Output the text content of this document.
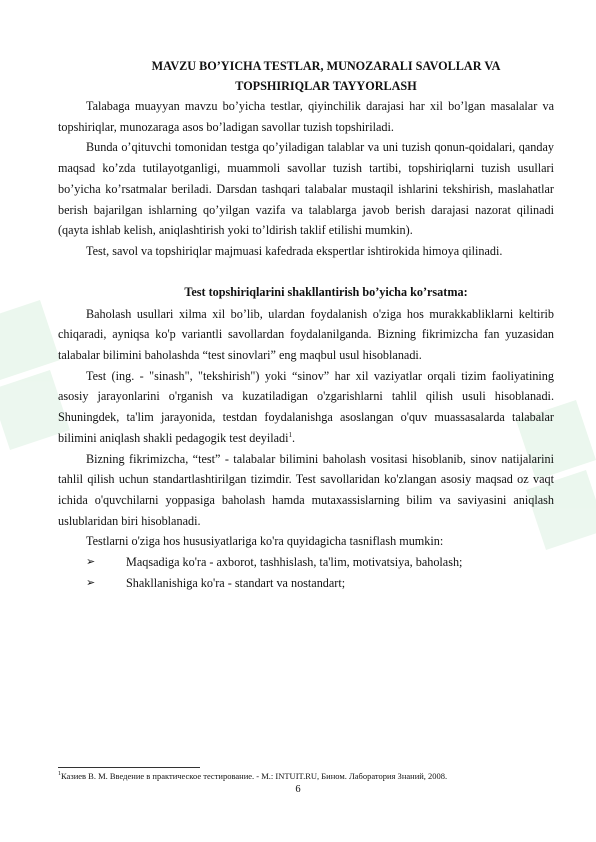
MAVZU BO’YICHA TESTLAR, MUNOZARALI SAVOLLAR VA
TOPSHIRIQLAR TAYYORLASH

Talabaga muayyan mavzu bo’yicha testlar, qiyinchilik darajasi har xil bo’lgan masalalar va topshiriqlar, munozaraga asos bo’ladigan savollar tuzish topshiriladi.

Bunda o’qituvchi tomonidan testga qo’yiladigan talablar va uni tuzish qonun-qoidalari, qanday maqsad ko’zda tutilayotganligi, muammoli savollar tuzish tartibi, topshiriqlarni tuzish usullari bo’yicha ko’rsatmalar beriladi. Darsdan tashqari talabalar mustaqil ishlarini tekshirish, maslahatlar berish bajarilgan ishlarning qo’yilgan vazifa va talablarga javob berish darajasi nazorat qilinadi (qayta ishlab kelish, aniqlashtirish yoki to’ldirish taklif etilishi mumkin).

Test, savol va topshiriqlar majmuasi kafedrada ekspertlar ishtirokida himoya qilinadi.

Test topshiriqlarini shakllantirish bo’yicha ko’rsatma:

Baholash usullari xilma xil bo’lib, ulardan foydalanish o'ziga hos murakkabliklarni keltirib chiqaradi, ayniqsa ko'p variantli savollardan foydalanilganda. Bizning fikrimizcha fan yuzasidan talabalar bilimini baholashda “test sinovlari” eng maqbul usul hisoblanadi.

Test (ing. - "sinash", "tekshirish") yoki “sinov” har xil vaziyatlar orqali tizim faoliyatining asosiy jarayonlarini o'rganish va kuzatiladigan o'zgarishlarni tahlil qilish usuli hisoblanadi. Shuningdek, ta'lim jarayonida, testdan foydalanishga asoslangan o'quv muassasalarda talabalar bilimini aniqlash shakli pedagogik test deyiladi$^1$.

Bizning fikrimizcha, “test” - talabalar bilimini baholash vositasi hisoblanib, sinov natijalarini tahlil qilish uchun standartlashtirilgan tizimdir. Test savollaridan ko'zlangan asosiy maqsad oz vaqt ichida o'quvchilarni yoppasiga baholash hamda mutaxassislarning bilim va saviyasini aniqlash uslublaridan biri hisoblanadi.

Testlarni o'ziga hos hususiyatlariga ko'ra quyidagicha tasniflash mumkin:

➢	Maqsadiga ko'ra - axborot, tashhislash, ta'lim, motivatsiya, baholash;
➢	Shakllanishiga ko'ra - standart va nostandart;
$^1$Казиев В. М. Введение в практическое тестирование. - М.: INTUIT.RU, Бином. Лаборатория Знаний, 2008.
6
